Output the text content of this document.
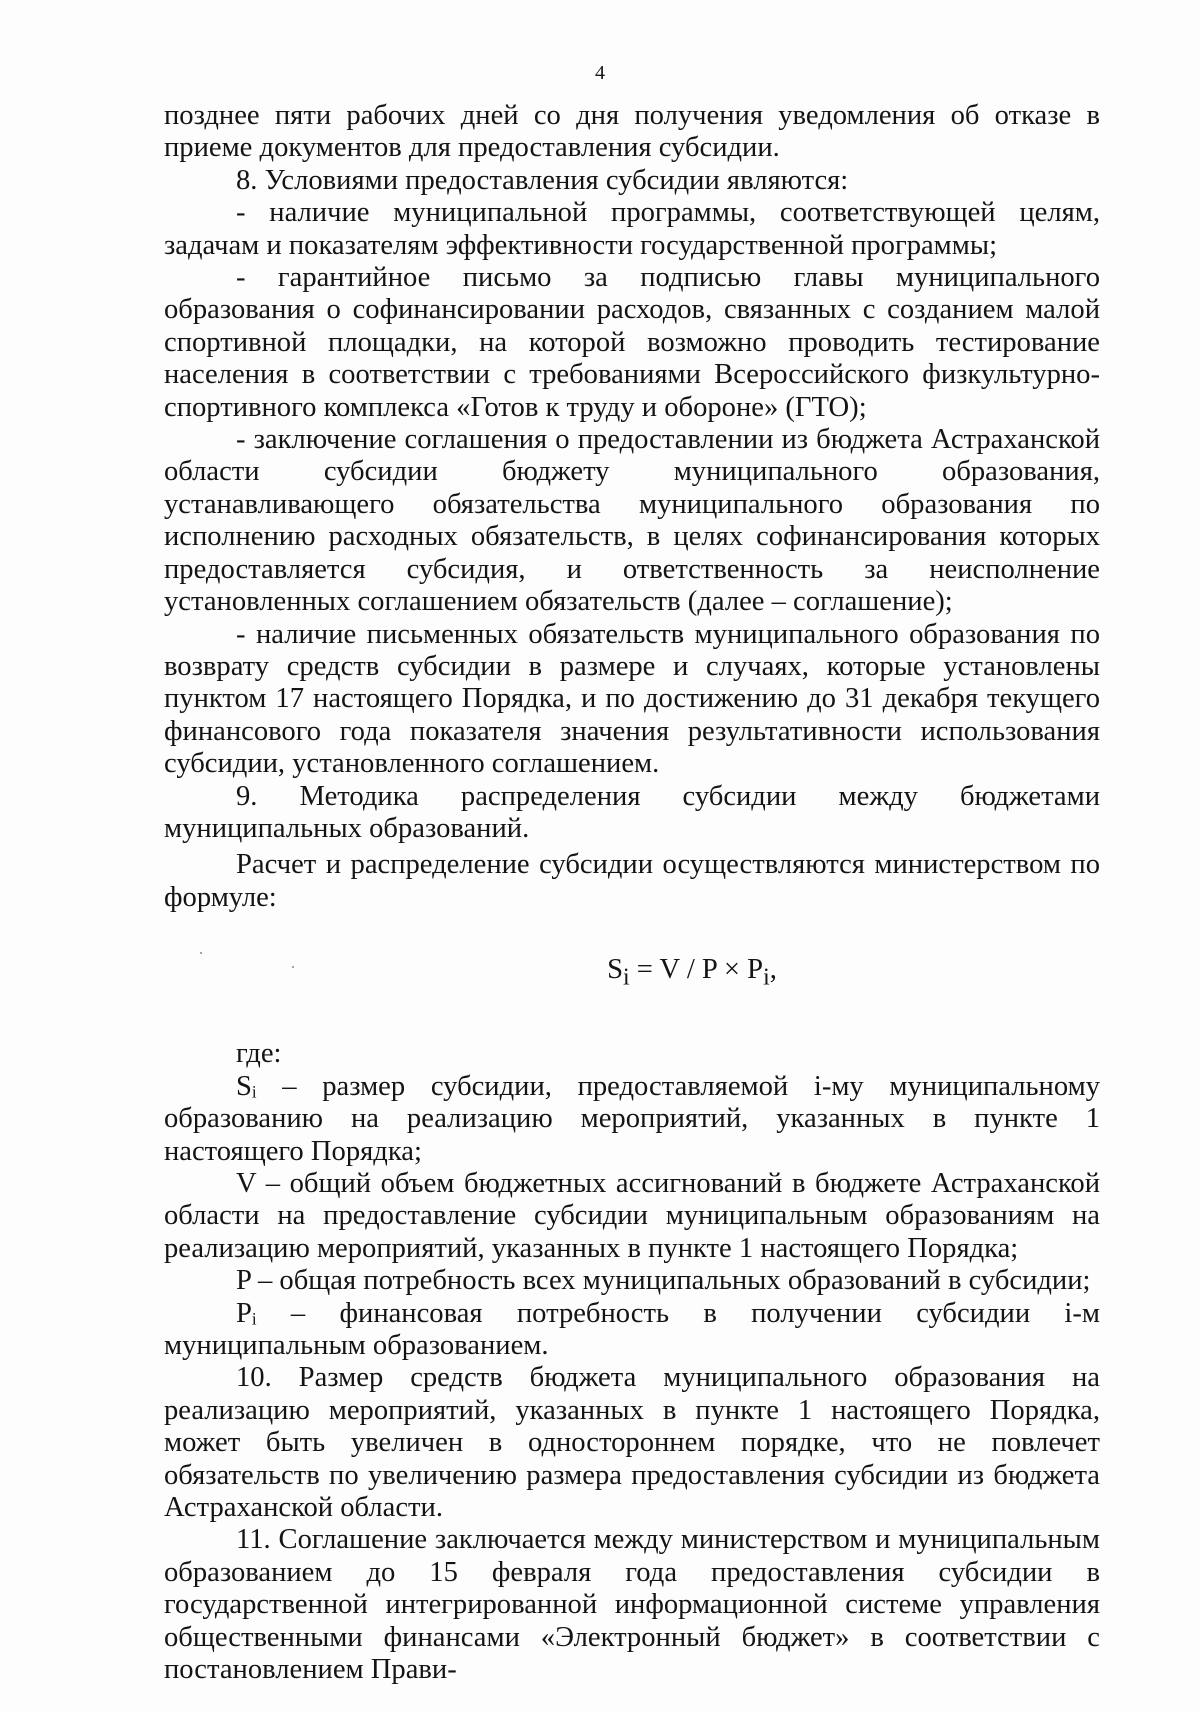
4

позднее пяти рабочих дней со дня получения уведомления об отказе в приеме документов для предоставления субсидии.

8. Условиями предоставления субсидии являются:

- наличие муниципальной программы, соответствующей целям, задачам и показателям эффективности государственной программы;

- гарантийное письмо за подписью главы муниципального образования о софинансировании расходов, связанных с созданием малой спортивной площадки, на которой возможно проводить тестирование населения в соответствии с требованиями Всероссийского физкультурно-спортивного комплекса «Готов к труду и обороне» (ГТО);

- заключение соглашения о предоставлении из бюджета Астраханской области субсидии бюджету муниципального образования, устанавливающего обязательства муниципального образования по исполнению расходных обязательств, в целях софинансирования которых предоставляется субсидия, и ответственность за неисполнение установленных соглашением обязательств (далее – соглашение);

- наличие письменных обязательств муниципального образования по возврату средств субсидии в размере и случаях, которые установлены пунктом 17 настоящего Порядка, и по достижению до 31 декабря текущего финансового года показателя значения результативности использования субсидии, установленного соглашением.

9. Методика распределения субсидии между бюджетами муниципальных образований.

Расчет и распределение субсидии осуществляются министерством по формуле:

$S_i = V / P \times P_i$,

где:

Sᵢ – размер субсидии, предоставляемой i-му муниципальному образованию на реализацию мероприятий, указанных в пункте 1 настоящего Порядка;

V – общий объем бюджетных ассигнований в бюджете Астраханской области на предоставление субсидии муниципальным образованиям на реализацию мероприятий, указанных в пункте 1 настоящего Порядка;

P – общая потребность всех муниципальных образований в субсидии;

Pᵢ – финансовая потребность в получении субсидии i-м муниципальным образованием.

10. Размер средств бюджета муниципального образования на реализацию мероприятий, указанных в пункте 1 настоящего Порядка, может быть увеличен в одностороннем порядке, что не повлечет обязательств по увеличению размера предоставления субсидии из бюджета Астраханской области.

11. Соглашение заключается между министерством и муниципальным образованием до 15 февраля года предоставления субсидии в государственной интегрированной информационной системе управления общественными финансами «Электронный бюджет» в соответствии с постановлением Прави-
